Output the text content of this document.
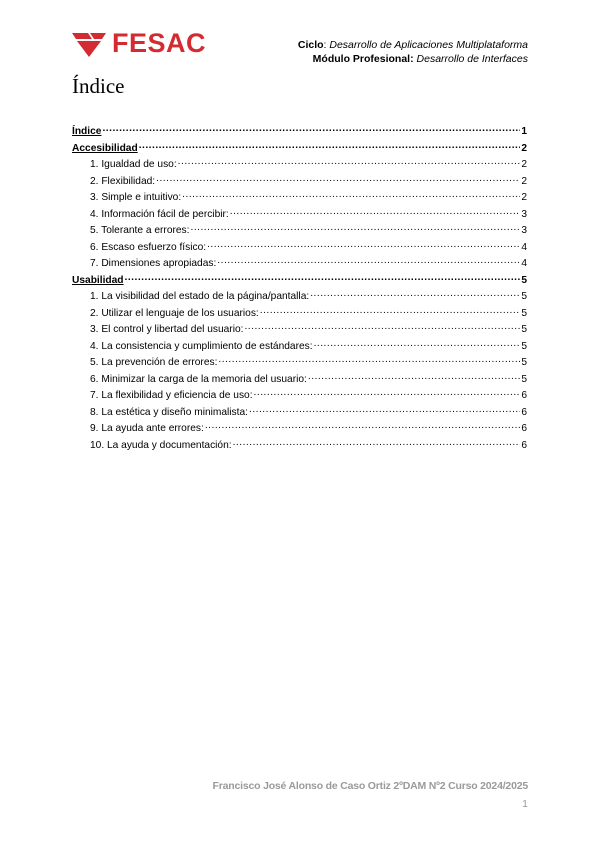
FESAC	Ciclo: Desarrollo de Aplicaciones Multiplataforma
Módulo Profesional: Desarrollo de Interfaces
Índice
Índice .....	1
Accesibilidad .....	2
1. Igualdad de uso: .....	2
2. Flexibilidad: .....	2
3. Simple e intuitivo: .....	2
4. Información fácil de percibir: .....	3
5. Tolerante a errores: .....	3
6. Escaso esfuerzo físico: .....	4
7. Dimensiones apropiadas: .....	4
Usabilidad .....	5
1. La visibilidad del estado de la página/pantalla: .....	5
2. Utilizar el lenguaje de los usuarios: .....	5
3. El control y libertad del usuario: .....	5
4. La consistencia y cumplimiento de estándares: .....	5
5. La prevención de errores: .....	5
6. Minimizar la carga de la memoria del usuario: .....	5
7. La flexibilidad y eficiencia de uso: .....	6
8. La estética y diseño minimalista: .....	6
9. La ayuda ante errores: .....	6
10. La ayuda y documentación: .....	6
Francisco José Alonso de Caso Ortiz 2ºDAM Nº2 Curso 2024/2025
1
